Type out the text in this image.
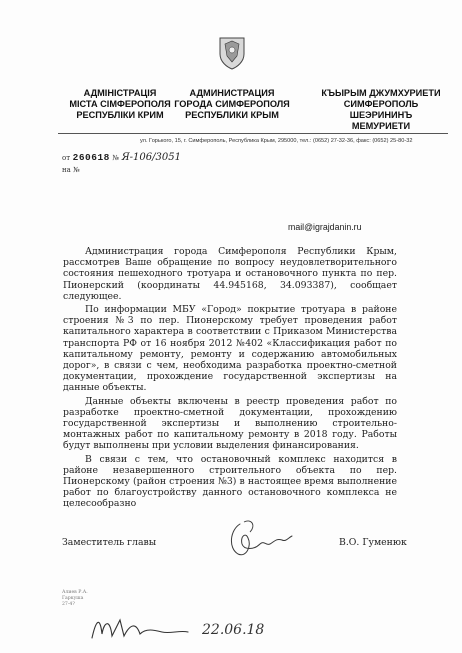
АДМІНІСТРАЦІЯ
МІСТА СІМФЕРОПОЛЯ
РЕСПУБЛІКИ КРИМ
АДМИНИСТРАЦИЯ
ГОРОДА СИМФЕРОПОЛЯ
РЕСПУБЛИКИ КРЫМ
КЪЫРЫМ ДЖУМХУРИЕТИ
СИМФЕРОПОЛЬ
ШЕЭРИНИНЪ
МЕМУРИЕТИ
ул. Горького, 15, г. Симферополь, Республика Крым, 295000, тел.: (0652) 27-32-36, факс: (0652) 25-80-32
от 260618 № Я-106/3051
на №
mail@igrajdanin.ru

Администрация города Симферополя Республики Крым, рассмотрев Ваше обращение по вопросу неудовлетворительного состояния пешеходного тротуара и остановочного пункта по пер. Пионерский (координаты 44.945168, 34.093387), сообщает следующее.

По информации МБУ «Город» покрытие тротуара в районе строения №3 по пер. Пионерскому требует проведения работ капитального характера в соответствии с Приказом Министерства транспорта РФ от 16 ноября 2012 №402 «Классификация работ по капитальному ремонту, ремонту и содержанию автомобильных дорог», в связи с чем, необходима разработка проектно-сметной документации, прохождение государственной экспертизы на данные объекты.

Данные объекты включены в реестр проведения работ по разработке проектно-сметной документации, прохождению государственной экспертизы и выполнению строительно-монтажных работ по капитальному ремонту в 2018 году. Работы будут выполнены при условии выделения финансирования.

В связи с тем, что остановочный комплекс находится в районе незавершенного строительного объекта по пер. Пионерскому (район строения №3) в настоящее время выполнение работ по благоустройству данного остановочного комплекса не целесообразно

Заместитель главы	В.О. Гуменюк
Алиев Р.А.
Гаркуша
27-4?
22.06.18
